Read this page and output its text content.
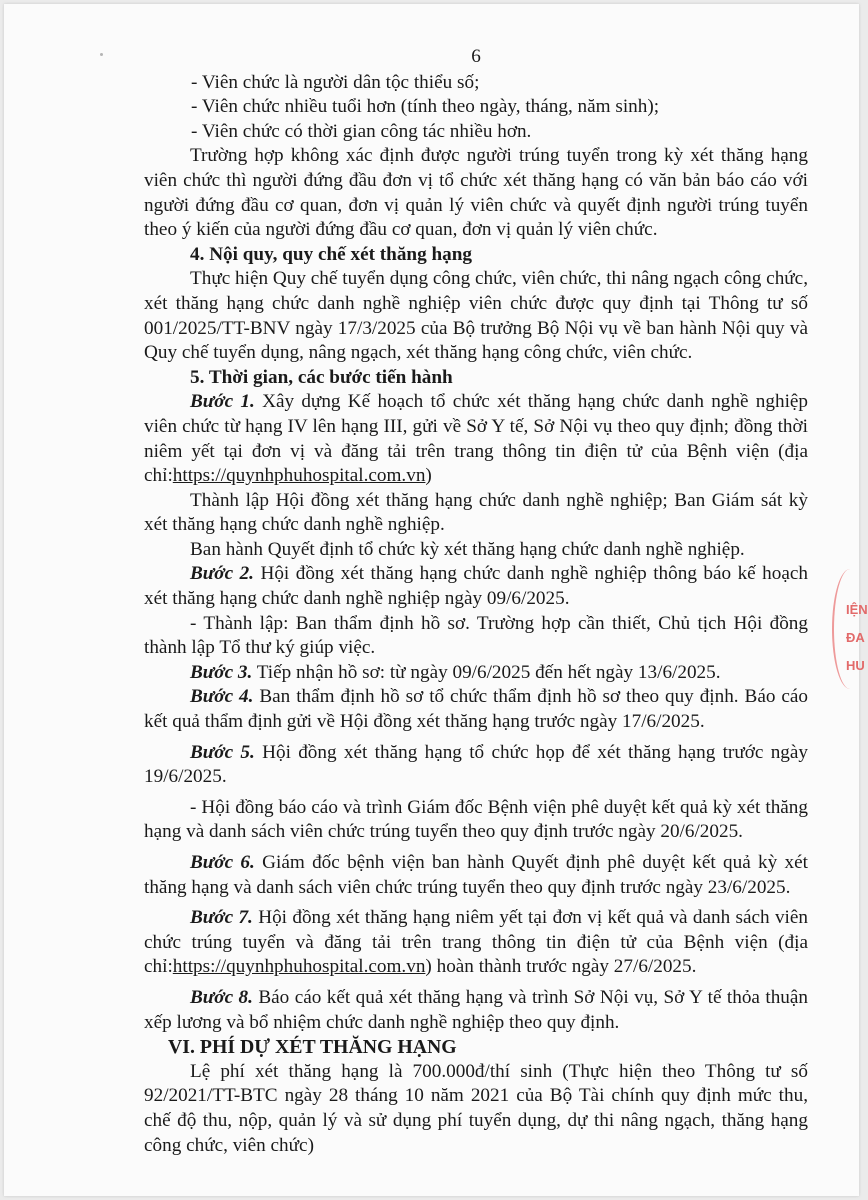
6

- Viên chức là người dân tộc thiểu số;

- Viên chức nhiều tuổi hơn (tính theo ngày, tháng, năm sinh);

- Viên chức có thời gian công tác nhiều hơn.

Trường hợp không xác định được người trúng tuyển trong kỳ xét thăng hạng viên chức thì người đứng đầu đơn vị tổ chức xét thăng hạng có văn bản báo cáo với người đứng đầu cơ quan, đơn vị quản lý viên chức và quyết định người trúng tuyển theo ý kiến của người đứng đầu cơ quan, đơn vị quản lý viên chức.

4. Nội quy, quy chế xét thăng hạng

Thực hiện Quy chế tuyển dụng công chức, viên chức, thi nâng ngạch công chức, xét thăng hạng chức danh nghề nghiệp viên chức được quy định tại Thông tư số 001/2025/TT-BNV ngày 17/3/2025 của Bộ trưởng Bộ Nội vụ về ban hành Nội quy và Quy chế tuyển dụng, nâng ngạch, xét thăng hạng công chức, viên chức.

5. Thời gian, các bước tiến hành

Bước 1. Xây dựng Kế hoạch tổ chức xét thăng hạng chức danh nghề nghiệp viên chức từ hạng IV lên hạng III, gửi về Sở Y tế, Sở Nội vụ theo quy định; đồng thời niêm yết tại đơn vị và đăng tải trên trang thông tin điện tử của Bệnh viện (địa chỉ:https://quynhphuhospital.com.vn)

Thành lập Hội đồng xét thăng hạng chức danh nghề nghiệp; Ban Giám sát kỳ xét thăng hạng chức danh nghề nghiệp.

Ban hành Quyết định tổ chức kỳ xét thăng hạng chức danh nghề nghiệp.

Bước 2. Hội đồng xét thăng hạng chức danh nghề nghiệp thông báo kế hoạch xét thăng hạng chức danh nghề nghiệp ngày 09/6/2025.

- Thành lập: Ban thẩm định hồ sơ. Trường hợp cần thiết, Chủ tịch Hội đồng thành lập Tổ thư ký giúp việc.

Bước 3. Tiếp nhận hồ sơ: từ ngày 09/6/2025 đến hết ngày 13/6/2025.

Bước 4. Ban thẩm định hồ sơ tổ chức thẩm định hồ sơ theo quy định. Báo cáo kết quả thẩm định gửi về Hội đồng xét thăng hạng trước ngày 17/6/2025.

Bước 5. Hội đồng xét thăng hạng tổ chức họp để xét thăng hạng trước ngày 19/6/2025.

- Hội đồng báo cáo và trình Giám đốc Bệnh viện phê duyệt kết quả kỳ xét thăng hạng và danh sách viên chức trúng tuyển theo quy định trước ngày 20/6/2025.

Bước 6. Giám đốc bệnh viện ban hành Quyết định phê duyệt kết quả kỳ xét thăng hạng và danh sách viên chức trúng tuyển theo quy định trước ngày 23/6/2025.

Bước 7. Hội đồng xét thăng hạng niêm yết tại đơn vị kết quả và danh sách viên chức trúng tuyển và đăng tải trên trang thông tin điện tử của Bệnh viện (địa chỉ:https://quynhphuhospital.com.vn) hoàn thành trước ngày 27/6/2025.

Bước 8. Báo cáo kết quả xét thăng hạng và trình Sở Nội vụ, Sở Y tế thỏa thuận xếp lương và bổ nhiệm chức danh nghề nghiệp theo quy định.

VI. PHÍ DỰ XÉT THĂNG HẠNG

Lệ phí xét thăng hạng là 700.000đ/thí sinh (Thực hiện theo Thông tư số 92/2021/TT-BTC ngày 28 tháng 10 năm 2021 của Bộ Tài chính quy định mức thu, chế độ thu, nộp, quản lý và sử dụng phí tuyển dụng, dự thi nâng ngạch, thăng hạng công chức, viên chức)

IỆN
ĐA
HU
